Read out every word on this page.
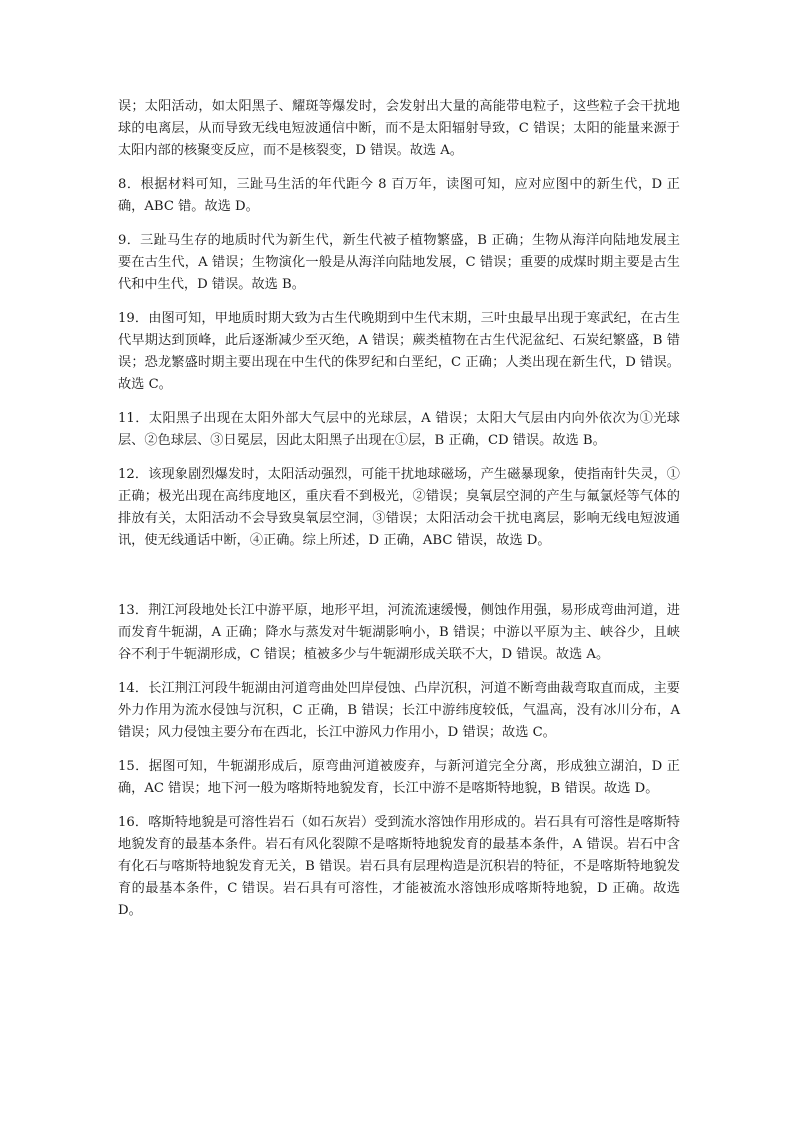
误；太阳活动，如太阳黑子、耀斑等爆发时，会发射出大量的高能带电粒子，这些粒子会干扰地球的电离层，从而导致无线电短波通信中断，而不是太阳辐射导致，C 错误；太阳的能量来源于太阳内部的核聚变反应，而不是核裂变，D 错误。故选 A。

8．根据材料可知，三趾马生活的年代距今 8 百万年，读图可知，应对应图中的新生代，D 正确，ABC 错。故选 D。

9．三趾马生存的地质时代为新生代，新生代被子植物繁盛，B 正确；生物从海洋向陆地发展主要在古生代，A 错误；生物演化一般是从海洋向陆地发展，C 错误；重要的成煤时期主要是古生代和中生代，D 错误。故选 B。

19．由图可知，甲地质时期大致为古生代晚期到中生代末期，三叶虫最早出现于寒武纪，在古生代早期达到顶峰，此后逐渐减少至灭绝，A 错误；蕨类植物在古生代泥盆纪、石炭纪繁盛，B 错误；恐龙繁盛时期主要出现在中生代的侏罗纪和白垩纪，C 正确；人类出现在新生代，D 错误。故选 C。

11．太阳黑子出现在太阳外部大气层中的光球层，A 错误；太阳大气层由内向外依次为①光球层、②色球层、③日冕层，因此太阳黑子出现在①层，B 正确，CD 错误。故选 B。

12．该现象剧烈爆发时，太阳活动强烈，可能干扰地球磁场，产生磁暴现象，使指南针失灵，①正确；极光出现在高纬度地区，重庆看不到极光，②错误；臭氧层空洞的产生与氟氯烃等气体的排放有关，太阳活动不会导致臭氧层空洞，③错误；太阳活动会干扰电离层，影响无线电短波通讯，使无线通话中断，④正确。综上所述，D 正确，ABC 错误，故选 D。

13．荆江河段地处长江中游平原，地形平坦，河流流速缓慢，侧蚀作用强，易形成弯曲河道，进而发育牛轭湖，A 正确；降水与蒸发对牛轭湖影响小，B 错误；中游以平原为主、峡谷少，且峡谷不利于牛轭湖形成，C 错误；植被多少与牛轭湖形成关联不大，D 错误。故选 A。

14．长江荆江河段牛轭湖由河道弯曲处凹岸侵蚀、凸岸沉积，河道不断弯曲裁弯取直而成，主要外力作用为流水侵蚀与沉积，C 正确，B 错误；长江中游纬度较低，气温高，没有冰川分布，A 错误；风力侵蚀主要分布在西北，长江中游风力作用小，D 错误；故选 C。

15．据图可知，牛轭湖形成后，原弯曲河道被废弃，与新河道完全分离，形成独立湖泊，D 正确，AC 错误；地下河一般为喀斯特地貌发育，长江中游不是喀斯特地貌，B 错误。故选 D。

16．喀斯特地貌是可溶性岩石（如石灰岩）受到流水溶蚀作用形成的。岩石具有可溶性是喀斯特地貌发育的最基本条件。岩石有风化裂隙不是喀斯特地貌发育的最基本条件，A 错误。岩石中含有化石与喀斯特地貌发育无关，B 错误。岩石具有层理构造是沉积岩的特征，不是喀斯特地貌发育的最基本条件，C 错误。岩石具有可溶性，才能被流水溶蚀形成喀斯特地貌，D 正确。故选 D。
